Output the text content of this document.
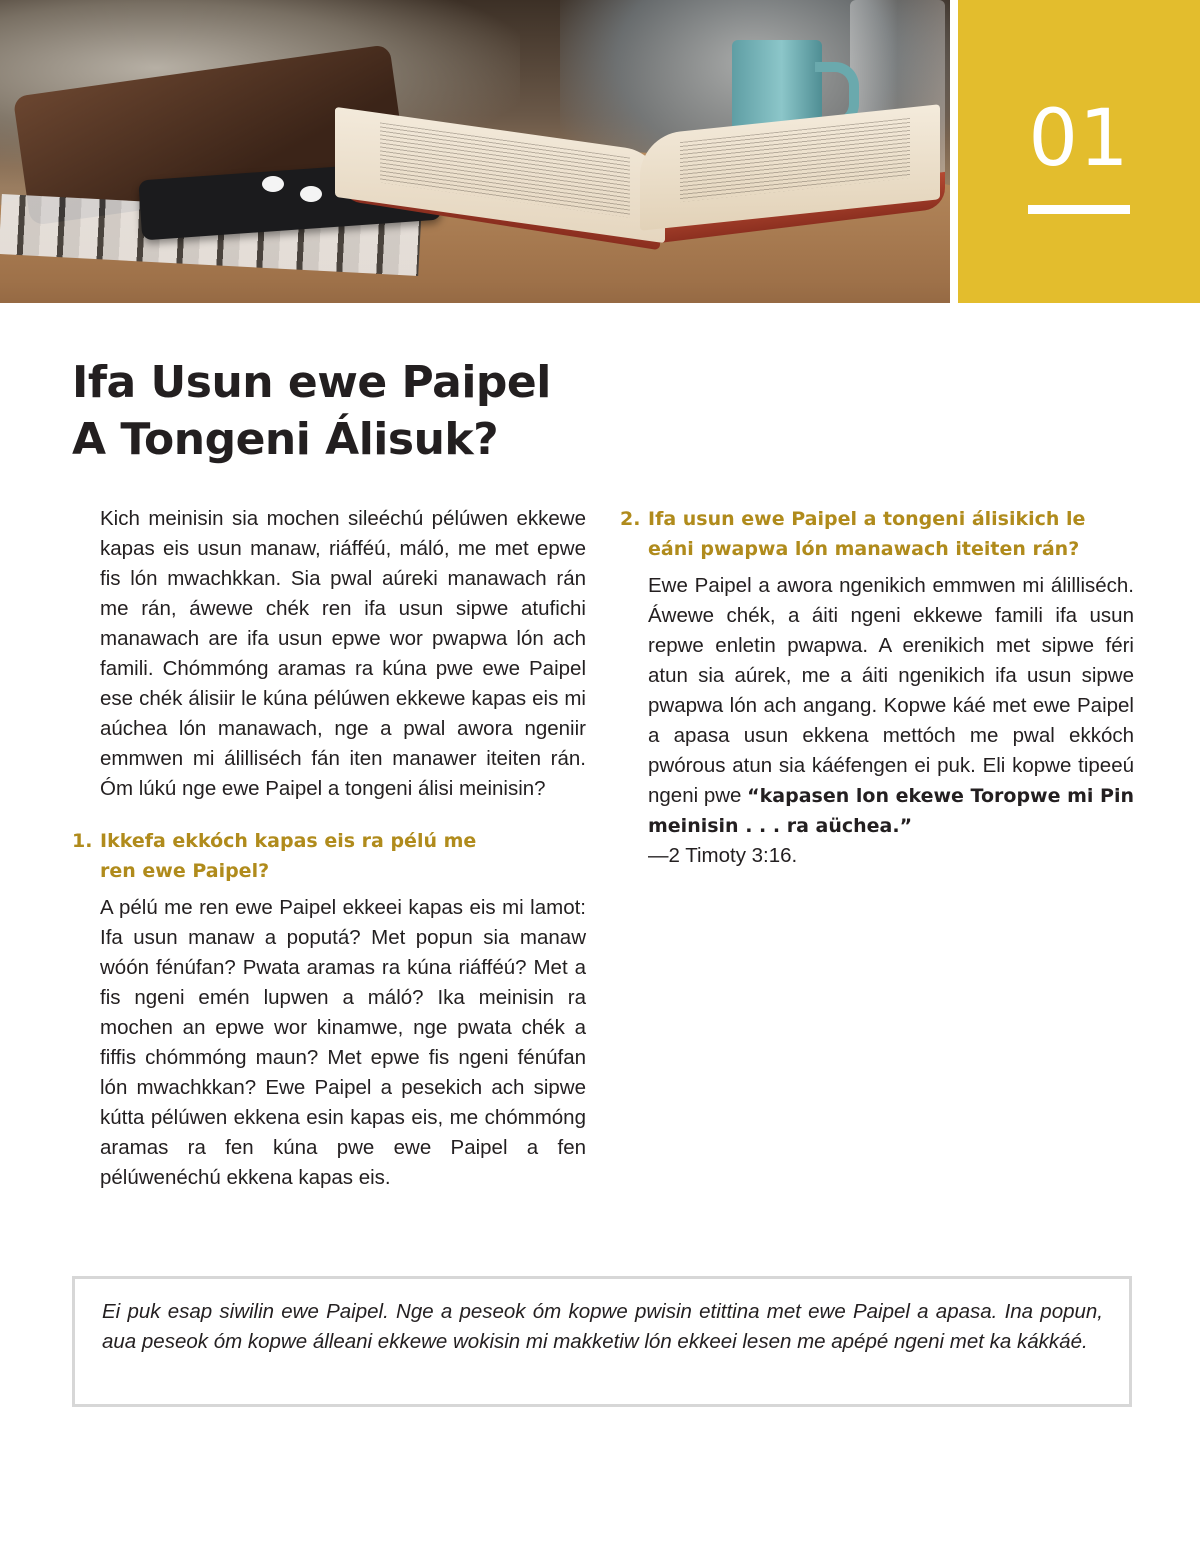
01
Ifa Usun ewe Paipel
A Tongeni Álisuk?

Kich meinisin sia mochen sileéchú pélúwen ekkewe kapas eis usun manaw, riáfféú, máló, me met epwe fis lón mwachkkan. Sia pwal aúreki manawach rán me rán, áwewe chék ren ifa usun sipwe atufichi manawach are ifa usun epwe wor pwapwa lón ach famili. Chómmóng aramas ra kúna pwe ewe Paipel ese chék álisiir le kúna pélúwen ekkewe kapas eis mi aúchea lón manawach, nge a pwal awora ngeniir emmwen mi álilliséch fán iten manawer iteiten rán. Óm lúkú nge ewe Paipel a tongeni álisi meinisin?

1. Ikkefa ekkóch kapas eis ra pélú me ren ewe Paipel?

A pélú me ren ewe Paipel ekkeei kapas eis mi lamot: Ifa usun manaw a poputá? Met popun sia manaw wóón fénúfan? Pwata aramas ra kúna riáfféú? Met a fis ngeni emén lupwen a máló? Ika meinisin ra mochen an epwe wor kinamwe, nge pwata chék a fiffis chómmóng maun? Met epwe fis ngeni fénúfan lón mwachkkan? Ewe Paipel a pesekich ach sipwe kútta pélúwen ekkena esin kapas eis, me chómmóng aramas ra fen kúna pwe ewe Paipel a fen pélúwenéchú ekkena kapas eis.

2. Ifa usun ewe Paipel a tongeni álisikich le eáni pwapwa lón manawach iteiten rán?

Ewe Paipel a awora ngenikich emmwen mi álilliséch. Áwewe chék, a áiti ngeni ekkewe famili ifa usun repwe enletin pwapwa. A erenikich met sipwe féri atun sia aúrek, me a áiti ngenikich ifa usun sipwe pwapwa lón ach angang. Kopwe káé met ewe Paipel a apasa usun ekkena mettóch me pwal ekkóch pwórous atun sia káéfengen ei puk. Eli kopwe tipeeú ngeni pwe “kapasen lon ekewe Toropwe mi Pin meinisin . . . ra aüchea.”
—2 Timoty 3:16.

Ei puk esap siwilin ewe Paipel. Nge a peseok óm kopwe pwisin etittina met ewe Paipel a apasa. Ina popun, aua peseok óm kopwe álleani ekkewe wokisin mi makketiw lón ekkeei lesen me apépé ngeni met ka kákkáé.
